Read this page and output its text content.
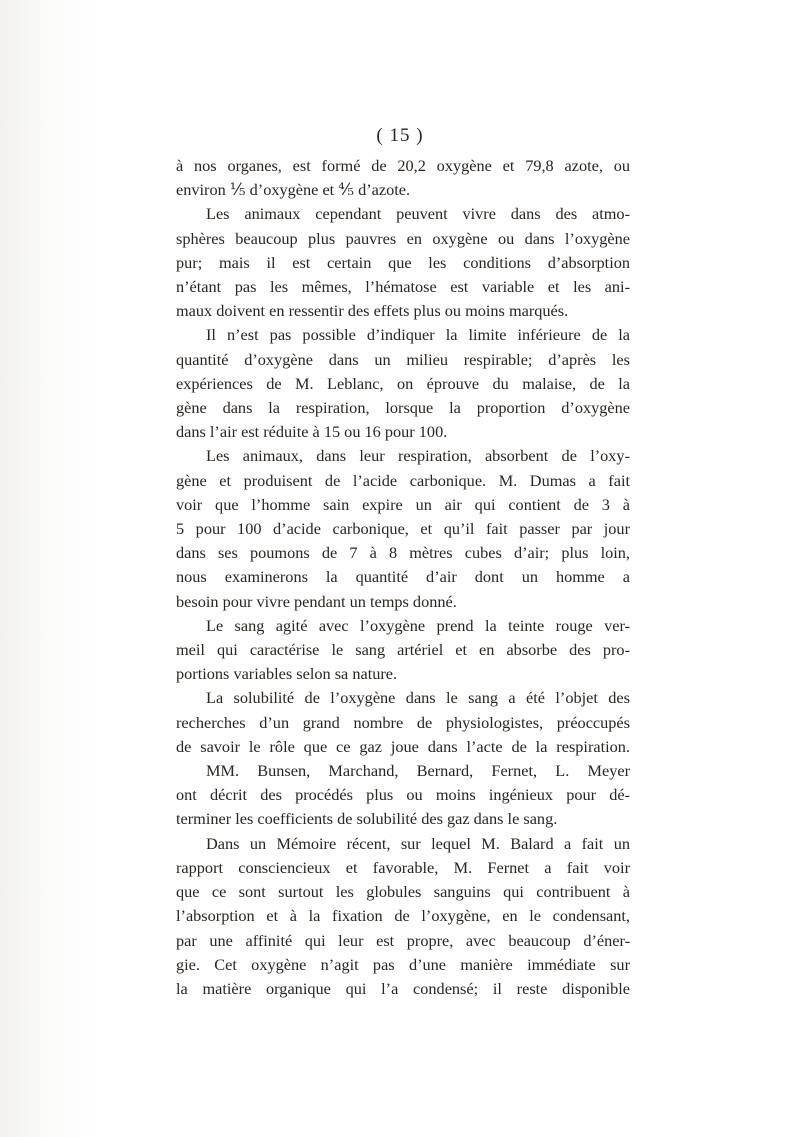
( 15 )
à nos organes, est formé de 20,2 oxygène et 79,8 azote, ou
environ ⅕ d’oxygène et ⅘ d’azote.
Les animaux cependant peuvent vivre dans des atmo-
sphères beaucoup plus pauvres en oxygène ou dans l’oxygène
pur; mais il est certain que les conditions d’absorption
n’étant pas les mêmes, l’hématose est variable et les ani-
maux doivent en ressentir des effets plus ou moins marqués.
Il n’est pas possible d’indiquer la limite inférieure de la
quantité d’oxygène dans un milieu respirable; d’après les
expériences de M. Leblanc, on éprouve du malaise, de la
gène dans la respiration, lorsque la proportion d’oxygène
dans l’air est réduite à 15 ou 16 pour 100.
Les animaux, dans leur respiration, absorbent de l’oxy-
gène et produisent de l’acide carbonique. M. Dumas a fait
voir que l’homme sain expire un air qui contient de 3 à
5 pour 100 d’acide carbonique, et qu’il fait passer par jour
dans ses poumons de 7 à 8 mètres cubes d’air; plus loin,
nous examinerons la quantité d’air dont un homme a
besoin pour vivre pendant un temps donné.
Le sang agité avec l’oxygène prend la teinte rouge ver-
meil qui caractérise le sang artériel et en absorbe des pro-
portions variables selon sa nature.
La solubilité de l’oxygène dans le sang a été l’objet des
recherches d’un grand nombre de physiologistes, préoccupés
de savoir le rôle que ce gaz joue dans l’acte de la respiration.
MM. Bunsen, Marchand, Bernard, Fernet, L. Meyer
ont décrit des procédés plus ou moins ingénieux pour dé-
terminer les coefficients de solubilité des gaz dans le sang.
Dans un Mémoire récent, sur lequel M. Balard a fait un
rapport consciencieux et favorable, M. Fernet a fait voir
que ce sont surtout les globules sanguins qui contribuent à
l’absorption et à la fixation de l’oxygène, en le condensant,
par une affinité qui leur est propre, avec beaucoup d’éner-
gie. Cet oxygène n’agit pas d’une manière immédiate sur
la matière organique qui l’a condensé; il reste disponible
